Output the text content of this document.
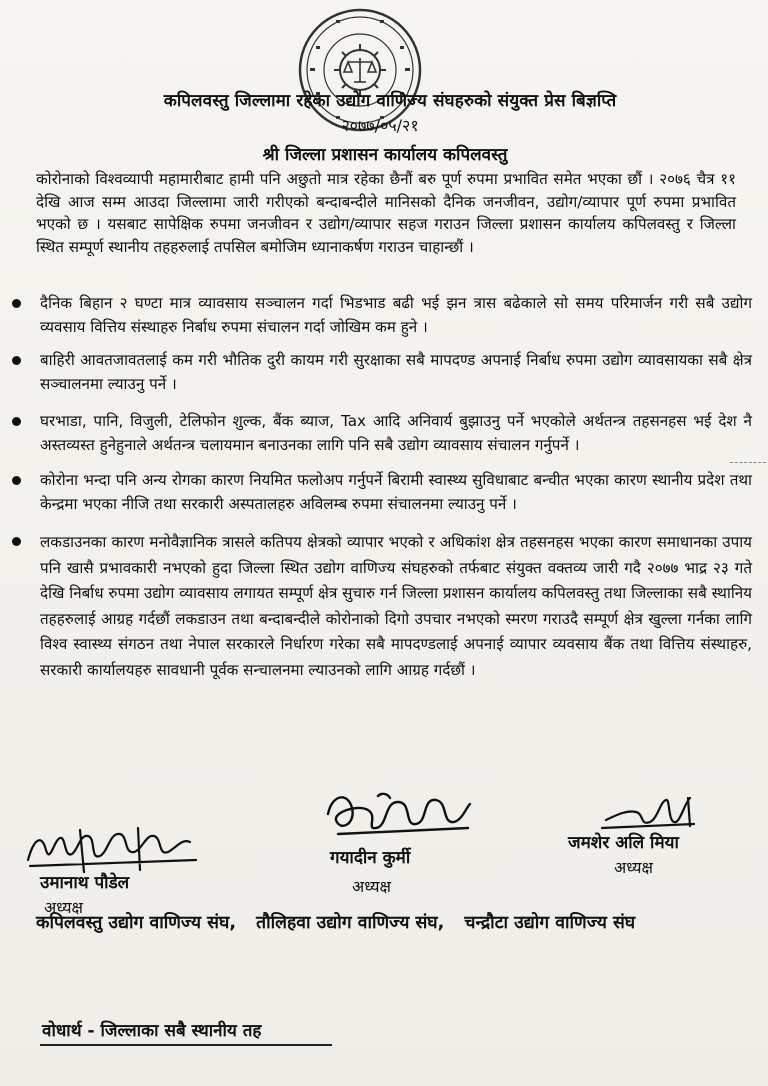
कपिलवस्तु जिल्लामा रहेका उद्योग वाणिज्य संघहरुको संयुक्त प्रेस बिज्ञप्ति
२०७७/०५/२१
श्री जिल्ला प्रशासन कार्यालय कपिलवस्तु
कोरोनाको विश्वव्यापी महामारीबाट हामी पनि अछुतो मात्र रहेका छैनौं बरु पूर्ण रुपमा प्रभावित समेत भएका छौं । २०७६ चैत्र ११ देखि आज सम्म आउदा जिल्लामा जारी गरीएको बन्दाबन्दीले मानिसको दैनिक जनजीवन, उद्योग/व्यापार पूर्ण रुपमा प्रभावित भएको छ । यसबाट सापेक्षिक रुपमा जनजीवन र उद्योग/व्यापार सहज गराउन जिल्ला प्रशासन कार्यालय कपिलवस्तु र जिल्ला स्थित सम्पूर्ण स्थानीय तहहरुलाई तपसिल बमोजिम ध्यानाकर्षण गराउन चाहान्छौं ।
दैनिक बिहान २ घण्टा मात्र व्यावसाय सञ्चालन गर्दा भिडभाड बढी भई झन त्रास बढेकाले सो समय परिमार्जन गरी सबै उद्योग व्यवसाय वित्तिय संस्थाहरु निर्बाध रुपमा संचालन गर्दा जोखिम कम हुने ।
बाहिरी आवतजावतलाई कम गरी भौतिक दुरी कायम गरी सुरक्षाका सबै मापदण्ड अपनाई निर्बाध रुपमा उद्योग व्यावसायका सबै क्षेत्र सञ्चालनमा ल्याउनु पर्ने ।
घरभाडा, पानि, विजुली, टेलिफोन शुल्क, बैंक ब्याज, Tax आदि अनिवार्य बुझाउनु पर्ने भएकोले अर्थतन्त्र तहसनहस भई देश नै अस्तव्यस्त हुनेहुनाले अर्थतन्त्र चलायमान बनाउनका लागि पनि सबै उद्योग व्यावसाय संचालन गर्नुपर्ने ।
कोरोना भन्दा पनि अन्य रोगका कारण नियमित फलोअप गर्नुपर्ने बिरामी स्वास्थ्य सुविधाबाट बन्चीत भएका कारण स्थानीय प्रदेश तथा केन्द्रमा भएका नीजि तथा सरकारी अस्पतालहरु अविलम्ब रुपमा संचालनमा ल्याउनु पर्ने ।
लकडाउनका कारण मनोवैज्ञानिक त्रासले कतिपय क्षेत्रको व्यापार भएको र अधिकांश क्षेत्र तहसनहस भएका कारण समाधानका उपाय पनि खासै प्रभावकारी नभएको हुदा जिल्ला स्थित उद्योग वाणिज्य संघहरुको तर्फबाट संयुक्त वक्तव्य जारी गदै २०७७ भाद्र २३ गते देखि निर्बाध रुपमा उद्योग व्यावसाय लगायत सम्पूर्ण क्षेत्र सुचारु गर्न जिल्ला प्रशासन कार्यालय कपिलवस्तु तथा जिल्लाका सबै स्थानिय तहहरुलाई आग्रह गर्दछौं लकडाउन तथा बन्दाबन्दीले कोरोनाको दिगो उपचार नभएको स्मरण गराउदै सम्पूर्ण क्षेत्र खुल्ला गर्नका लागि विश्व स्वास्थ्य संगठन तथा नेपाल सरकारले निर्धारण गरेका सबै मापदण्डलाई अपनाई व्यापार व्यवसाय बैंक तथा वित्तिय संस्थाहरु, सरकारी कार्यालयहरु सावधानी पूर्वक सन्चालनमा ल्याउनको लागि आग्रह गर्दछौं ।
उमानाथ पौडेल
अध्यक्ष
गयादीन कुर्मी
अध्यक्ष
जमशेर अलि मिया
अध्यक्ष
कपिलवस्तु उद्योग वाणिज्य संघ, तौलिहवा उद्योग वाणिज्य संघ, चन्द्रौटा उद्योग वाणिज्य संघ
वोधार्थ - जिल्लाका सबै स्थानीय तह
